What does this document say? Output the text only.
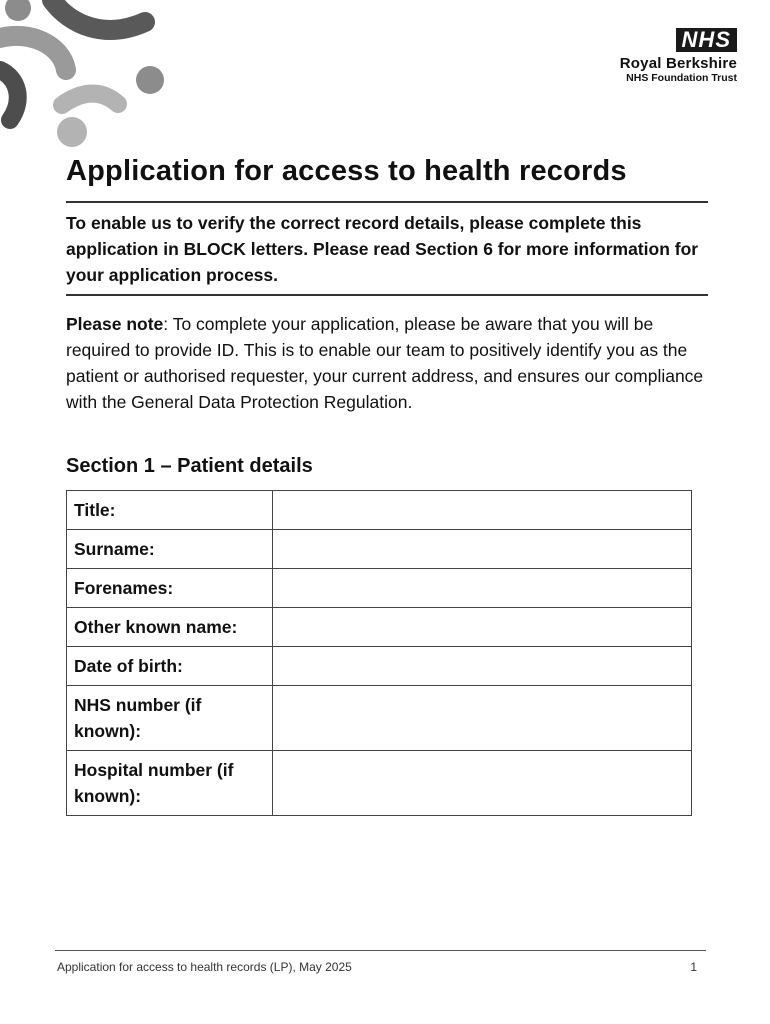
NHS
Royal Berkshire
NHS Foundation Trust
Application for access to health records

To enable us to verify the correct record details, please complete this application in BLOCK letters. Please read Section 6 for more information for your application process.

Please note: To complete your application, please be aware that you will be required to provide ID. This is to enable our team to positively identify you as the patient or authorised requester, your current address, and ensures our compliance with the General Data Protection Regulation.

Section 1 – Patient details
Title:	
Surname:	
Forenames:	
Other known name:	
Date of birth:	
NHS number (if known):	
Hospital number (if known):	
Application for access to health records (LP), May 2025	1
